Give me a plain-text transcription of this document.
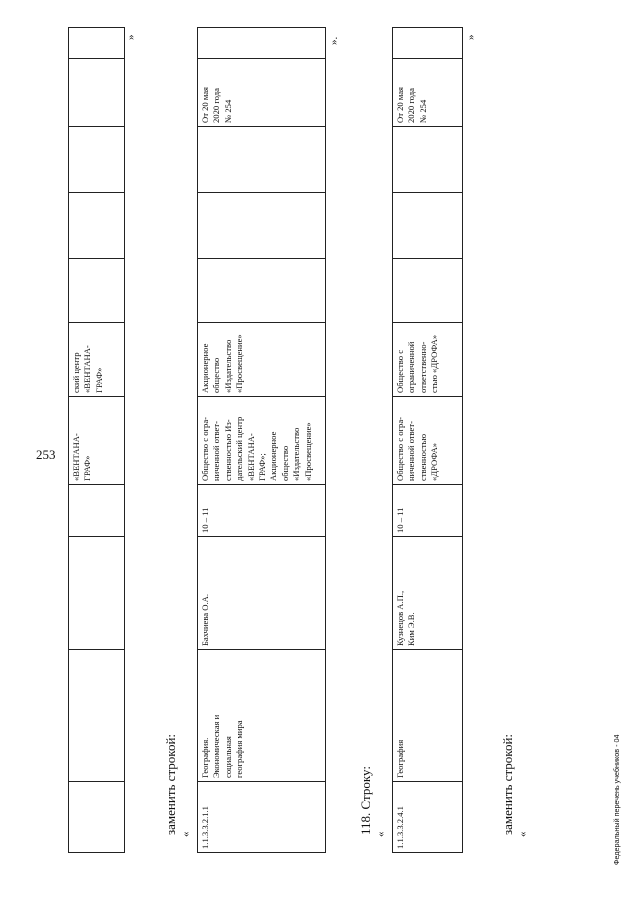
				«ВЕНТАНА-
ГРАФ»	ский центр
«ВЕНТАНА-
ГРАФ»					
»
заменить строкой: « 1.1.3.3.2.1.1	География.
Экономическая и
социальная
география мира	Бахчиева О.А.	10 – 11	Общество с огра-
ниченной ответ-
ственностью Из-
дательский центр
«ВЕНТАНА-
ГРАФ»;
Акционерное
общество
«Издательство
«Просвещение»	Акционерное
общество
«Издательство
«Просвещение»				От 20 мая
2020 года
№ 254	
».
118. Строку: « 1.1.3.3.2.4.1	География	Кузнецов А.П.,
Ким Э.В.	10 – 11	Общество с огра-
ниченной ответ-
ственностью
«ДРОФА»	Общество с
ограниченной
ответственно-
стью «ДРОФА»				От 20 мая
2020 года
№ 254	
»
заменить строкой: «
253
Федеральный перечень учебников - 04
